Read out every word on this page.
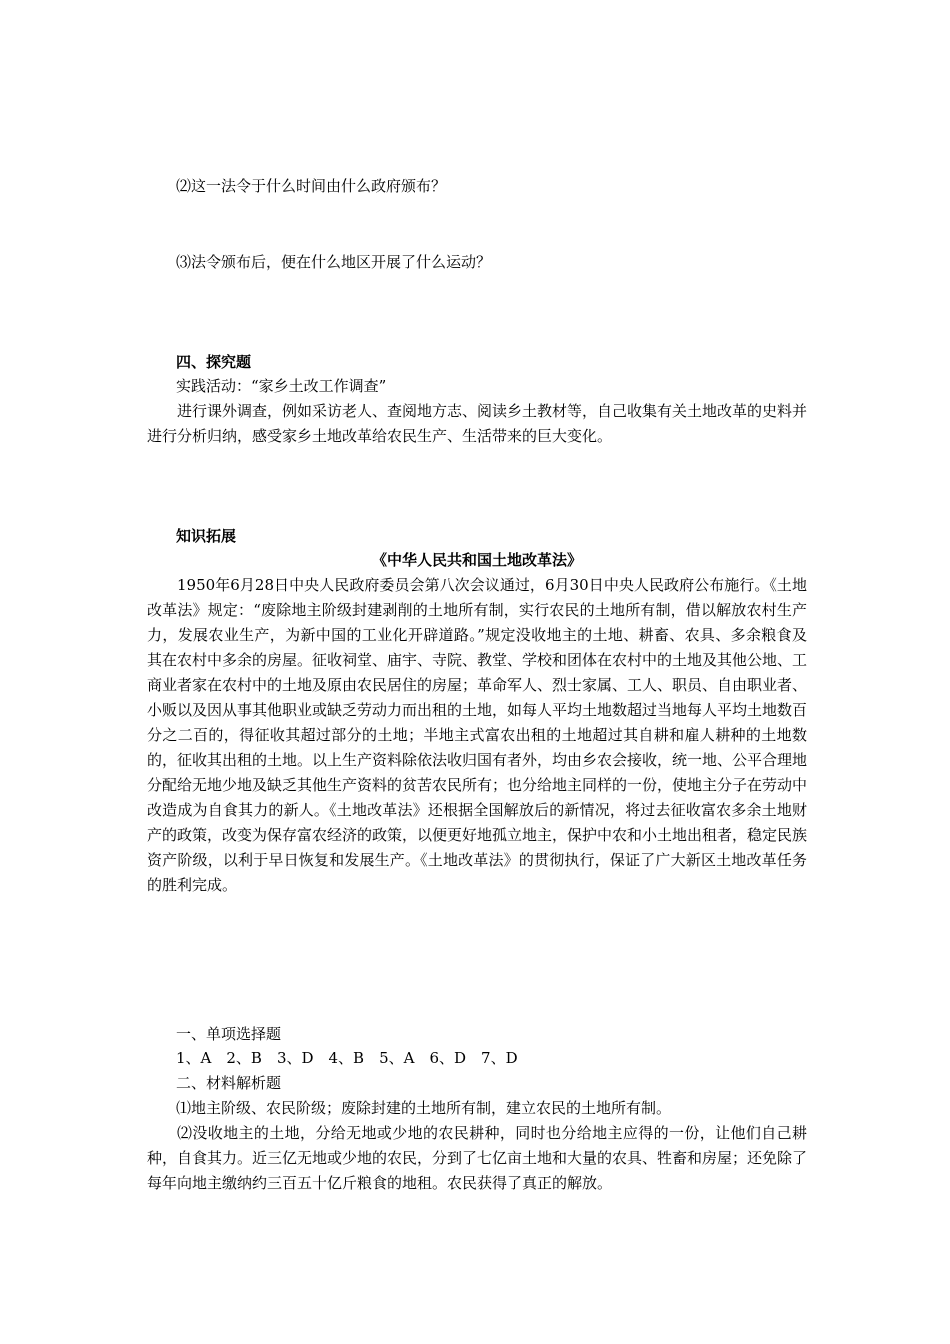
⑵这一法令于什么时间由什么政府颁布？
⑶法令颁布后，便在什么地区开展了什么运动？
四、探究题
实践活动：“家乡土改工作调查”
进行课外调查，例如采访老人、查阅地方志、阅读乡土教材等，自己收集有关土地改革的史料并进行分析归纳，感受家乡土地改革给农民生产、生活带来的巨大变化。
知识拓展
《中华人民共和国土地改革法》
1950年6月28日中央人民政府委员会第八次会议通过，6月30日中央人民政府公布施行。《土地改革法》规定：“废除地主阶级封建剥削的土地所有制，实行农民的土地所有制，借以解放农村生产力，发展农业生产，为新中国的工业化开辟道路。”规定没收地主的土地、耕畜、农具、多余粮食及其在农村中多余的房屋。征收祠堂、庙宇、寺院、教堂、学校和团体在农村中的土地及其他公地、工商业者家在农村中的土地及原由农民居住的房屋；革命军人、烈士家属、工人、职员、自由职业者、小贩以及因从事其他职业或缺乏劳动力而出租的土地，如每人平均土地数超过当地每人平均土地数百分之二百的，得征收其超过部分的土地；半地主式富农出租的土地超过其自耕和雇人耕种的土地数的，征收其出租的土地。以上生产资料除依法收归国有者外，均由乡农会接收，统一地、公平合理地分配给无地少地及缺乏其他生产资料的贫苦农民所有；也分给地主同样的一份，使地主分子在劳动中改造成为自食其力的新人。《土地改革法》还根据全国解放后的新情况，将过去征收富农多余土地财产的政策，改变为保存富农经济的政策，以便更好地孤立地主，保护中农和小土地出租者，稳定民族资产阶级，以利于早日恢复和发展生产。《土地改革法》的贯彻执行，保证了广大新区土地改革任务的胜利完成。
一、单项选择题
1、A　2、B　3、D　4、B　5、A　6、D　7、D
二、材料解析题
⑴地主阶级、农民阶级；废除封建的土地所有制，建立农民的土地所有制。
⑵没收地主的土地，分给无地或少地的农民耕种，同时也分给地主应得的一份，让他们自己耕种，自食其力。近三亿无地或少地的农民，分到了七亿亩土地和大量的农具、牲畜和房屋；还免除了每年向地主缴纳约三百五十亿斤粮食的地租。农民获得了真正的解放。
